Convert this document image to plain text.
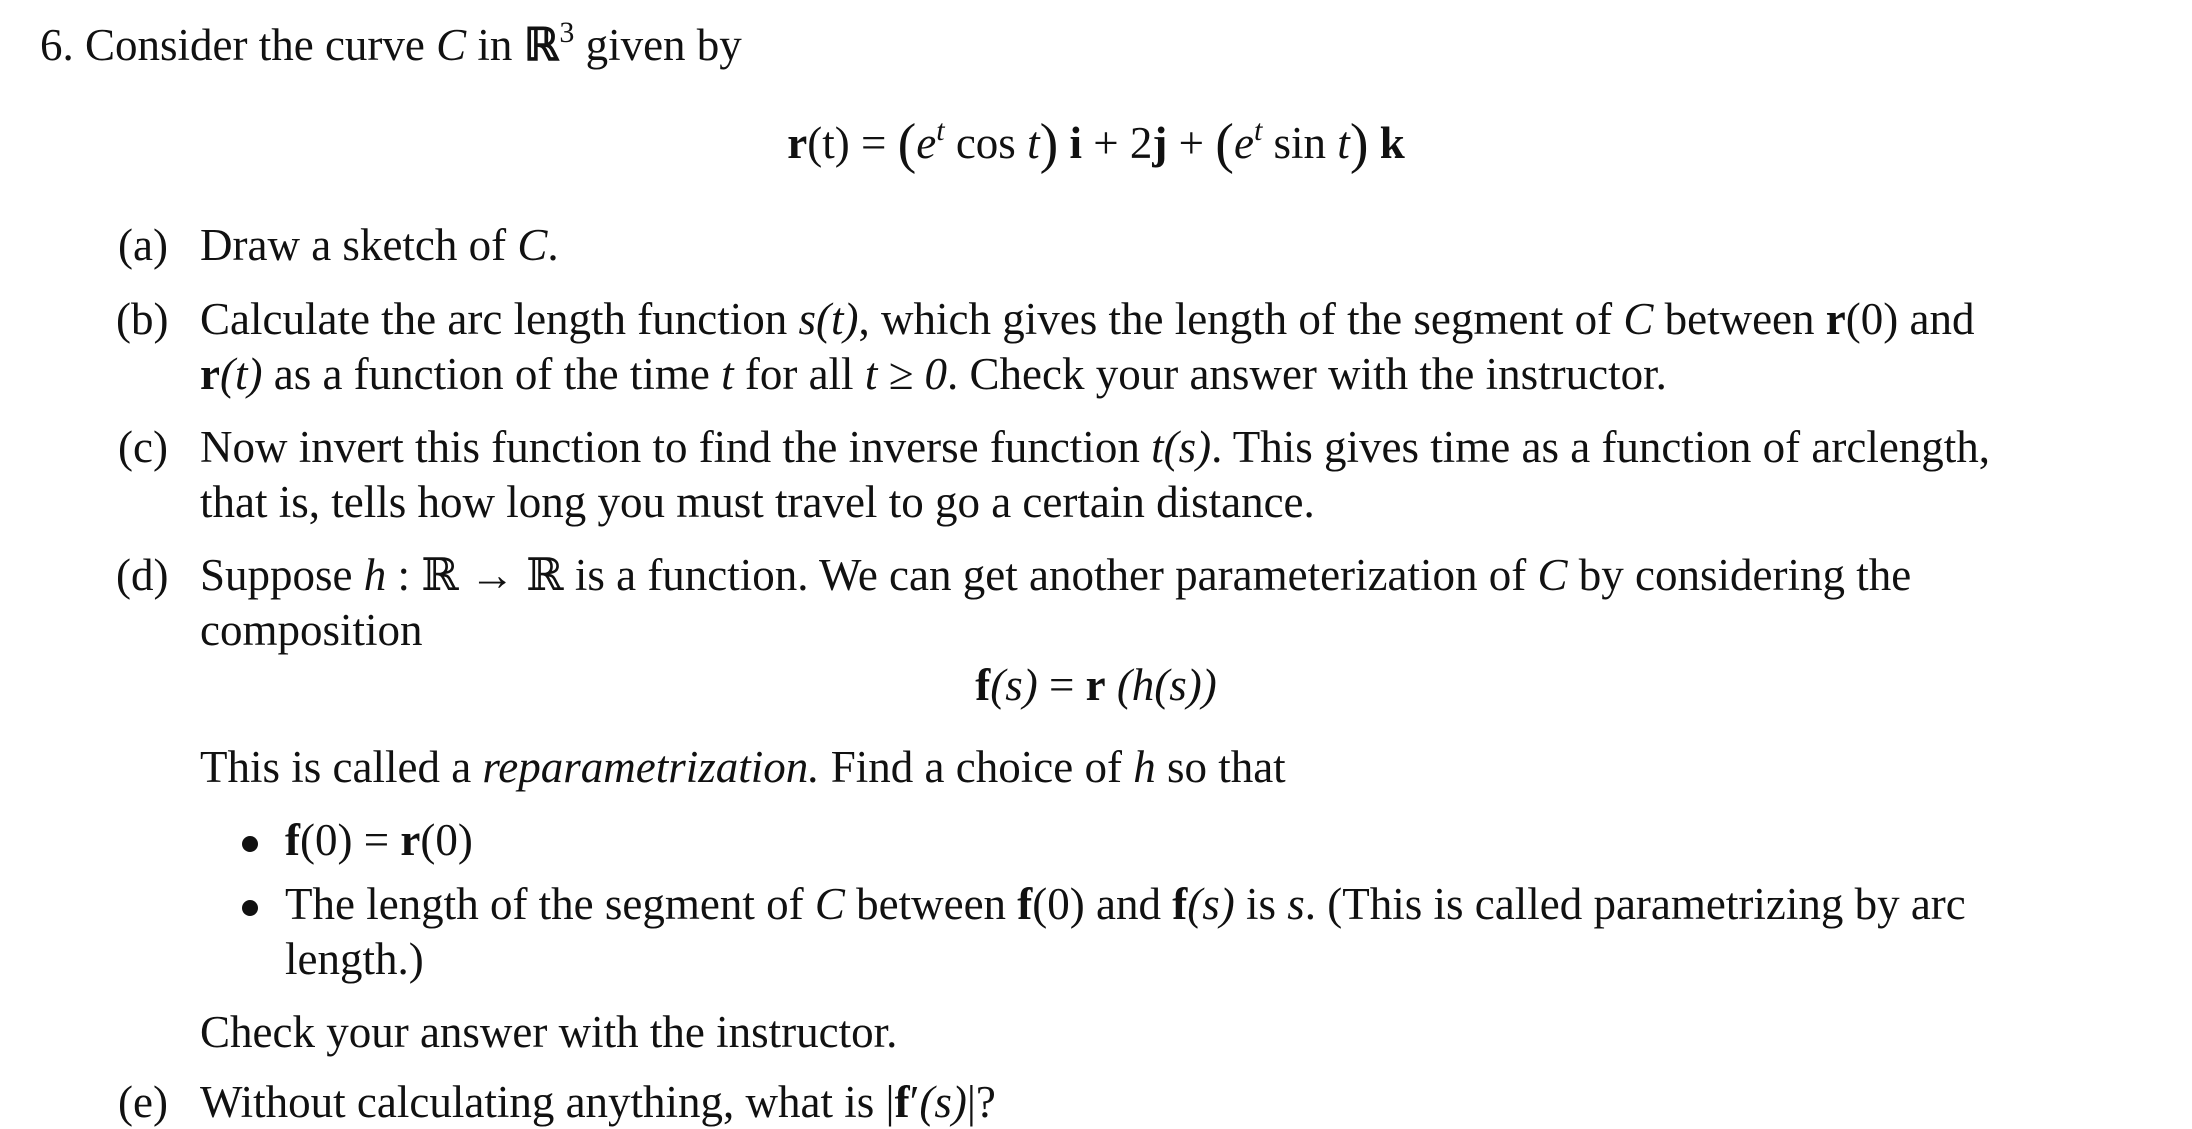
6. Consider the curve C in ℝ$^3$ given by
$r(t) = (e^t$ cos t) $i + 2j + (e^t$ sin t) k
(a) Draw a sketch of C.
(b) Calculate the arc length function s(t), which gives the length of the segment of C between r(0) and
r(t) as a function of the time t for all t ≥ 0. Check your answer with the instructor.
(c) Now invert this function to find the inverse function t(s). This gives time as a function of arclength,
that is, tells how long you must travel to go a certain distance.
(d) Suppose h : ℝ → ℝ is a function. We can get another parameterization of C by considering the
composition
f(s) = r (h(s))
This is called a reparametrization. Find a choice of h so that
f(0) = r(0)
The length of the segment of C between f(0) and f(s) is s. (This is called parametrizing by arc
length.)
Check your answer with the instructor.
(e) Without calculating anything, what is |f′(s)|?
